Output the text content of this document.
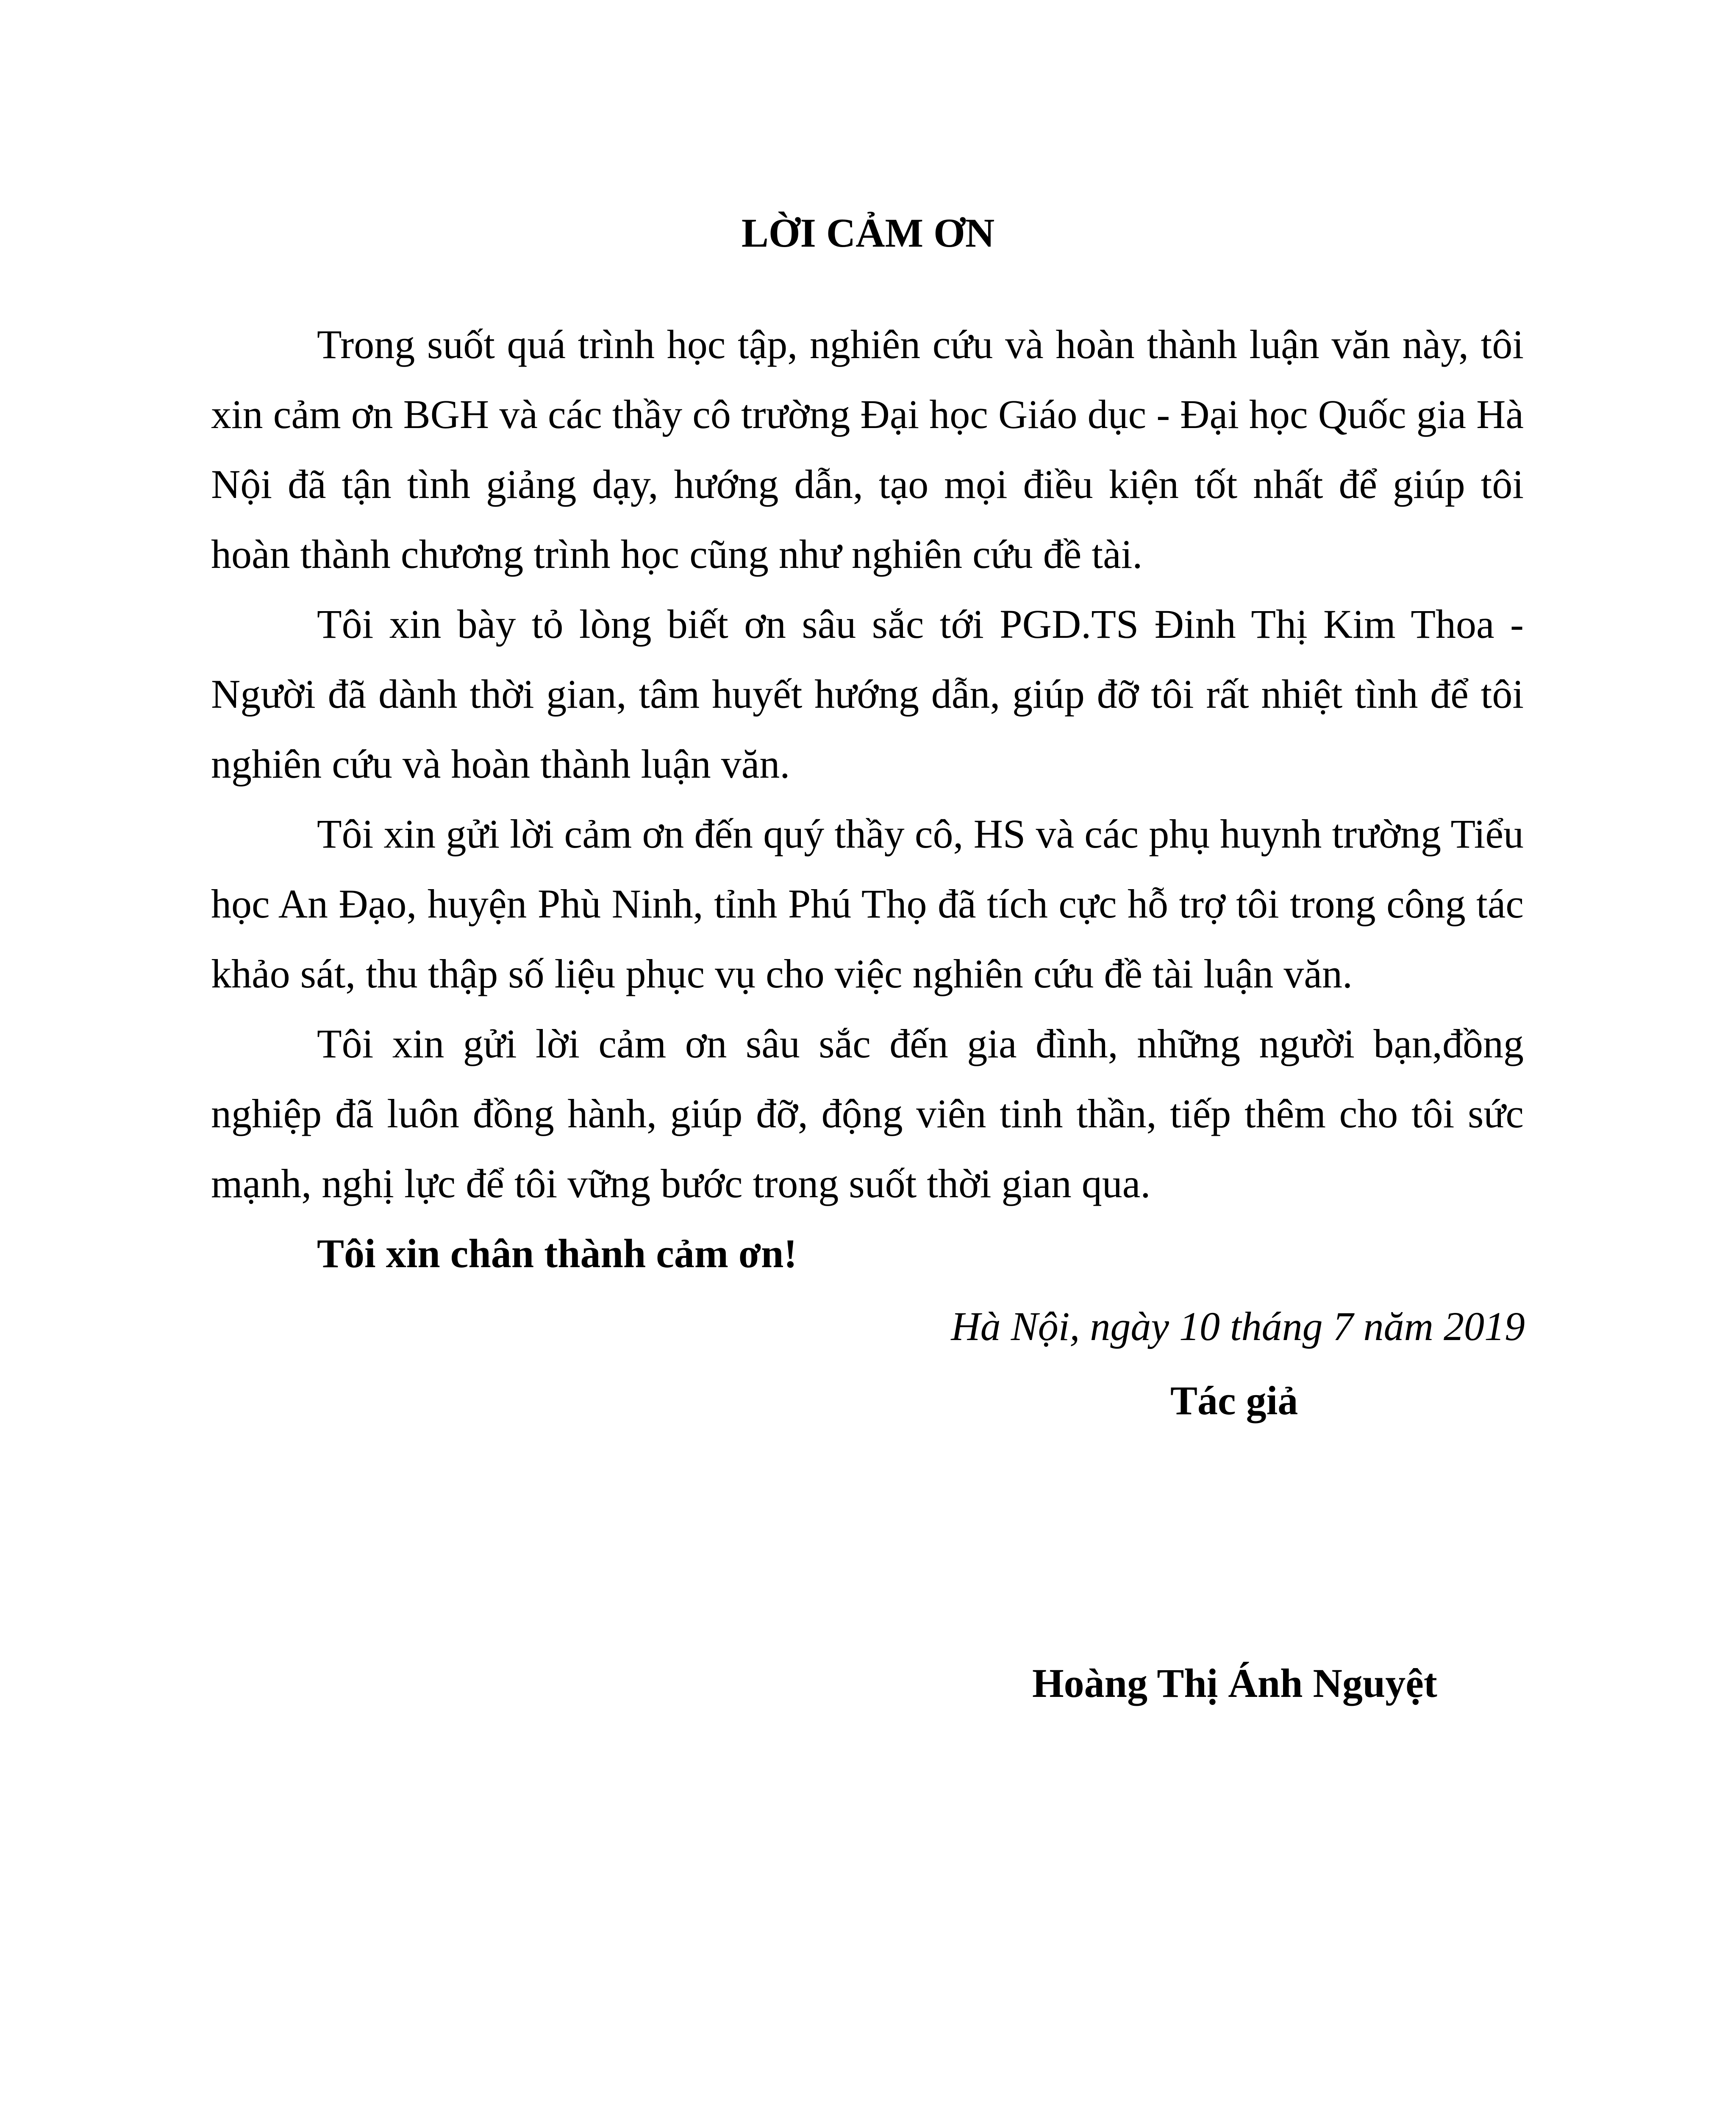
LỜI CẢM ƠN

Trong suốt quá trình học tập, nghiên cứu và hoàn thành luận văn này, tôi xin cảm ơn BGH và các thầy cô trường Đại học Giáo dục - Đại học Quốc gia Hà Nội đã tận tình giảng dạy, hướng dẫn, tạo mọi điều kiện tốt nhất để giúp tôi hoàn thành chương trình học cũng như nghiên cứu đề tài.

Tôi xin bày tỏ lòng biết ơn sâu sắc tới PGD.TS Đinh Thị Kim Thoa - Người đã dành thời gian, tâm huyết hướng dẫn, giúp đỡ tôi rất nhiệt tình để tôi nghiên cứu và hoàn thành luận văn.

Tôi xin gửi lời cảm ơn đến quý thầy cô, HS và các phụ huynh trường Tiểu học An Đạo, huyện Phù Ninh, tỉnh Phú Thọ đã tích cực hỗ trợ tôi trong công tác khảo sát, thu thập số liệu phục vụ cho việc nghiên cứu đề tài luận văn.

Tôi xin gửi lời cảm ơn sâu sắc đến gia đình, những người bạn,đồng nghiệp đã luôn đồng hành, giúp đỡ, động viên tinh thần, tiếp thêm cho tôi sức mạnh, nghị lực để tôi vững bước trong suốt thời gian qua.

Tôi xin chân thành cảm ơn!

Hà Nội, ngày 10 tháng 7 năm 2019

Tác giả

Hoàng Thị Ánh Nguyệt
